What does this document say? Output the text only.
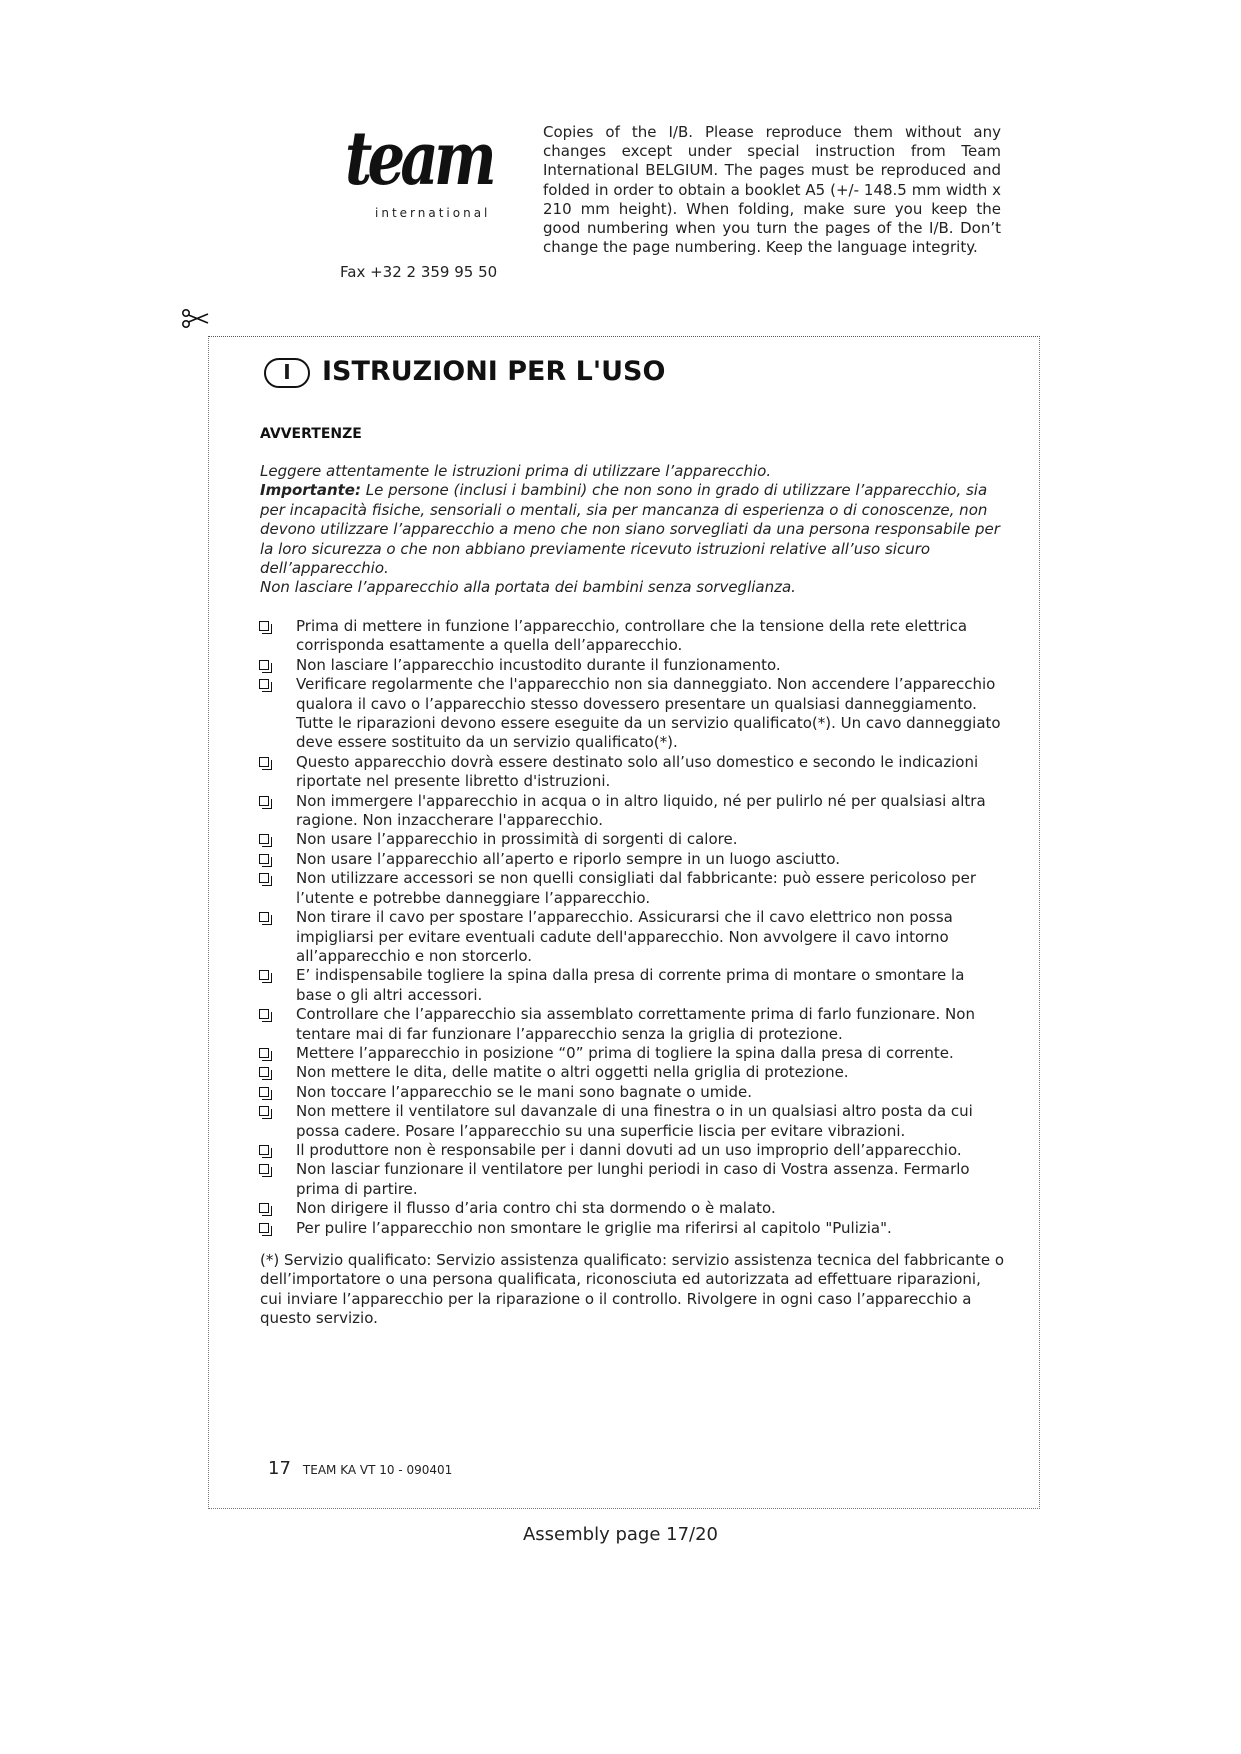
team
international
Fax +32 2 359 95 50
Copies of the I/B. Please reproduce them without any changes except under special instruction from Team International BELGIUM. The pages must be reproduced and folded in order to obtain a booklet A5 (+/- 148.5 mm width x 210 mm height). When folding, make sure you keep the good numbering when you turn the pages of the I/B. Don’t change the page numbering. Keep the language integrity.
I	ISTRUZIONI PER L'USO
AVVERTENZE

Leggere attentamente le istruzioni prima di utilizzare l’apparecchio.

Importante: Le persone (inclusi i bambini) che non sono in grado di utilizzare l’apparecchio, sia per incapacità fisiche, sensoriali o mentali, sia per mancanza di esperienza o di conoscenze, non devono utilizzare l’apparecchio a meno che non siano sorvegliati da una persona responsabile per la loro sicurezza o che non abbiano previamente ricevuto istruzioni relative all’uso sicuro dell’apparecchio.

Non lasciare l’apparecchio alla portata dei bambini senza sorveglianza.

Prima di mettere in funzione l’apparecchio, controllare che la tensione della rete elettrica corrisponda esattamente a quella dell’apparecchio.
Non lasciare l’apparecchio incustodito durante il funzionamento.
Verificare regolarmente che l'apparecchio non sia danneggiato. Non accendere l’apparecchio qualora il cavo o l’apparecchio stesso dovessero presentare un qualsiasi danneggiamento. Tutte le riparazioni devono essere eseguite da un servizio qualificato(*). Un cavo danneggiato deve essere sostituito da un servizio qualificato(*).
Questo apparecchio dovrà essere destinato solo all’uso domestico e secondo le indicazioni riportate nel presente libretto d'istruzioni.
Non immergere l'apparecchio in acqua o in altro liquido, né per pulirlo né per qualsiasi altra ragione. Non inzaccherare l'apparecchio.
Non usare l’apparecchio in prossimità di sorgenti di calore.
Non usare l’apparecchio all’aperto e riporlo sempre in un luogo asciutto.
Non utilizzare accessori se non quelli consigliati dal fabbricante: può essere pericoloso per l’utente e potrebbe danneggiare l’apparecchio.
Non tirare il cavo per spostare l’apparecchio. Assicurarsi che il cavo elettrico non possa impigliarsi per evitare eventuali cadute dell'apparecchio. Non avvolgere il cavo intorno all’apparecchio e non storcerlo.
E’ indispensabile togliere la spina dalla presa di corrente prima di montare o smontare la base o gli altri accessori.
Controllare che l’apparecchio sia assemblato correttamente prima di farlo funzionare. Non tentare mai di far funzionare l’apparecchio senza la griglia di protezione.
Mettere l’apparecchio in posizione “0” prima di togliere la spina dalla presa di corrente.
Non mettere le dita, delle matite o altri oggetti nella griglia di protezione.
Non toccare l’apparecchio se le mani sono bagnate o umide.
Non mettere il ventilatore sul davanzale di una finestra o in un qualsiasi altro posta da cui possa cadere. Posare l’apparecchio su una superficie liscia per evitare vibrazioni.
Il produttore non è responsabile per i danni dovuti ad un uso improprio dell’apparecchio.
Non lasciar funzionare il ventilatore per lunghi periodi in caso di Vostra assenza. Fermarlo prima di partire.
Non dirigere il flusso d’aria contro chi sta dormendo o è malato.
Per pulire l’apparecchio non smontare le griglie ma riferirsi al capitolo "Pulizia".
(*) Servizio qualificato: Servizio assistenza qualificato: servizio assistenza tecnica del fabbricante o dell’importatore o una persona qualificata, riconosciuta ed autorizzata ad effettuare riparazioni, cui inviare l’apparecchio per la riparazione o il controllo. Rivolgere in ogni caso l’apparecchio a questo servizio.
17 TEAM KA VT 10 - 090401
Assembly page 17/20
